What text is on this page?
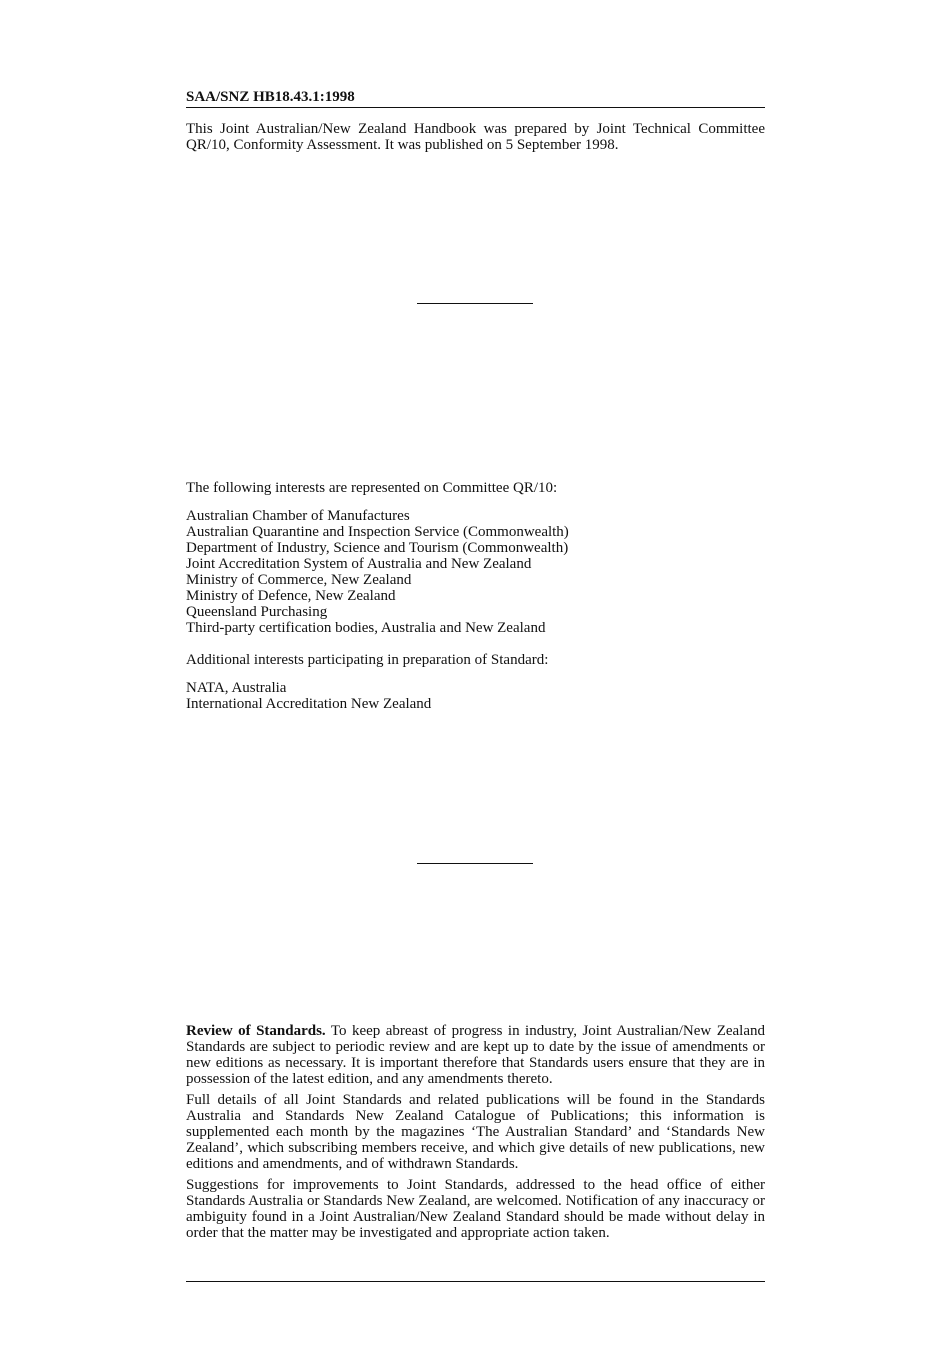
SAA/SNZ HB18.43.1:1998

This Joint Australian/New Zealand Handbook was prepared by Joint Technical Committee QR/10, Conformity Assessment. It was published on 5 September 1998.

The following interests are represented on Committee QR/10:

Australian Chamber of Manufactures
Australian Quarantine and Inspection Service (Commonwealth)
Department of Industry, Science and Tourism (Commonwealth)
Joint Accreditation System of Australia and New Zealand
Ministry of Commerce, New Zealand
Ministry of Defence, New Zealand
Queensland Purchasing
Third-party certification bodies, Australia and New Zealand

Additional interests participating in preparation of Standard:

NATA, Australia
International Accreditation New Zealand

Review of Standards. To keep abreast of progress in industry, Joint Australian/New Zealand Standards are subject to periodic review and are kept up to date by the issue of amendments or new editions as necessary. It is important therefore that Standards users ensure that they are in possession of the latest edition, and any amendments thereto.

Full details of all Joint Standards and related publications will be found in the Standards Australia and Standards New Zealand Catalogue of Publications; this information is supplemented each month by the magazines ‘The Australian Standard’ and ‘Standards New Zealand’, which subscribing members receive, and which give details of new publications, new editions and amendments, and of withdrawn Standards.

Suggestions for improvements to Joint Standards, addressed to the head office of either Standards Australia or Standards New Zealand, are welcomed. Notification of any inaccuracy or ambiguity found in a Joint Australian/New Zealand Standard should be made without delay in order that the matter may be investigated and appropriate action taken.
